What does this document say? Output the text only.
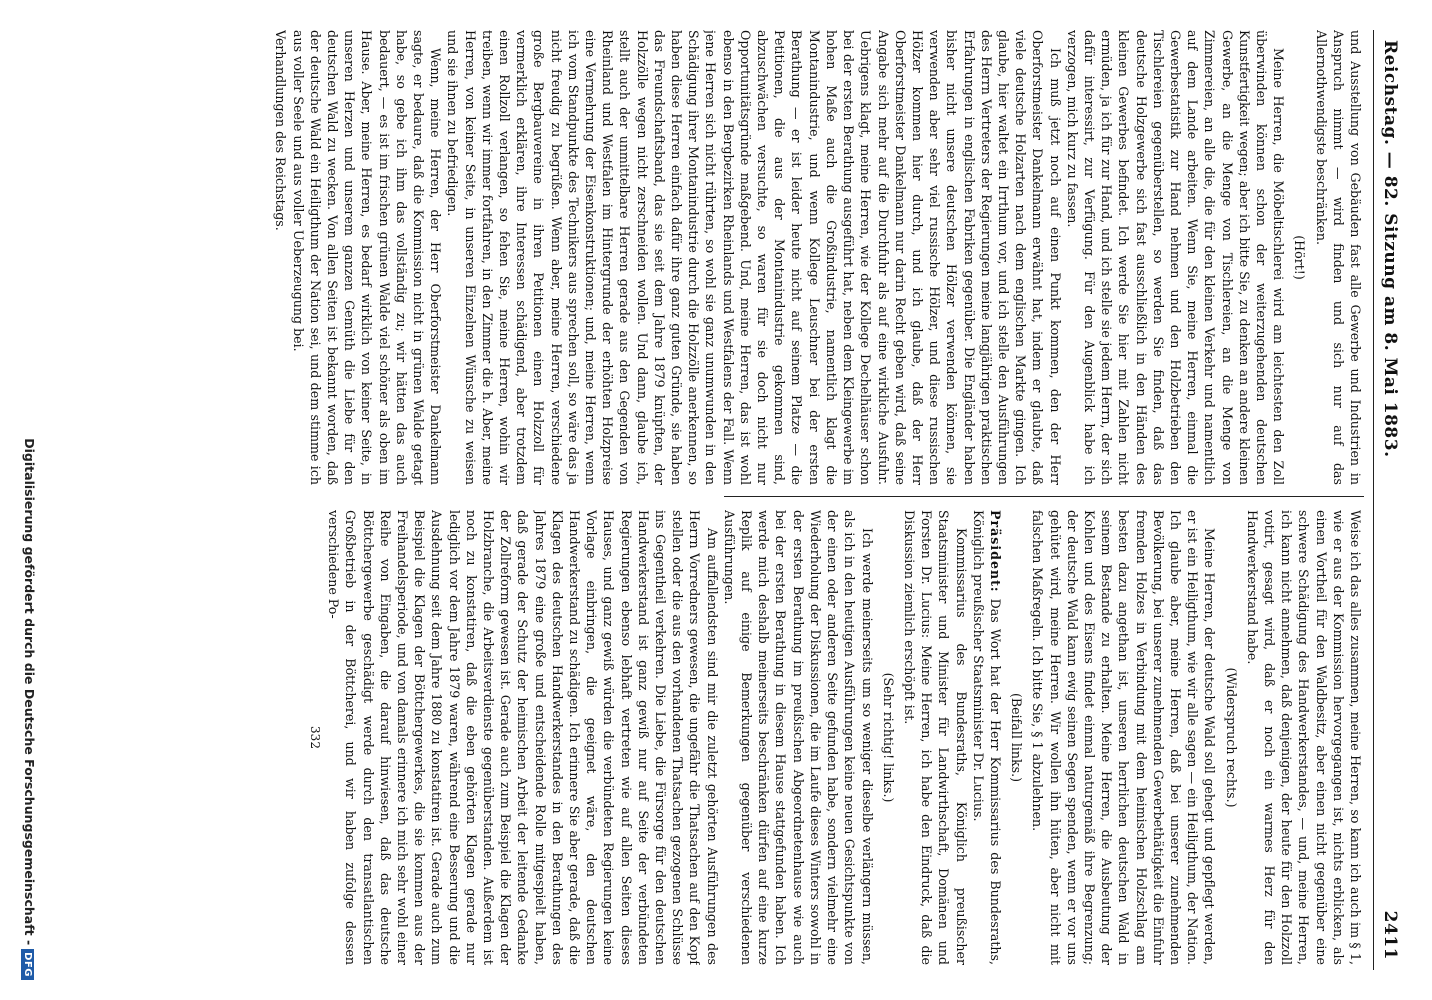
Reichstag. — 82. Sitzung am 8. Mai 1883.
2411
und Ausstellung von Gebäuden fast alle Gewerbe und Industrien in Anspruch nimmt — wird finden und sich nur auf das Allernothwendigste beschränken.
(Hört!)
Meine Herren, die Möbeltischlerei wird am leichtesten den Zoll überwinden können schon der weiterzugehenden deutschen Kunstfertigkeit wegen; aber ich bitte Sie, zu denken an andere kleinen Gewerbe, an die Menge von Tischlereien, an die Menge von Zimmereien, an alle die, die für den kleinen Verkehr und namentlich auf dem Lande arbeiten. Wenn Sie, meine Herren, einmal die Gewerbestatistik zur Hand nehmen und den Holzbetrieben den Tischlereien gegenüberstellen, so werden Sie finden, daß das deutsche Holzgewerbe sich fast ausschließlich in den Händen des kleinen Gewerbes befindet. Ich werde Sie hier mit Zahlen nicht ermüden, ja ich für zur Hand, und ich stelle sie jedem Herrn, der sich dafür interessirt, zur Verfügung. Für den Augenblick habe ich verzogen, mich kurz zu fassen.
Ich muß jetzt noch auf einen Punkt kommen, den der Herr Oberforstmeister Dankelmann erwähnt hat, indem er glaubte, daß viele deutsche Holzarten nach dem englischen Markte gingen. Ich glaube, hier waltet ein Irrthum vor, und ich stelle den Ausführungen des Herrn Vertreters der Regierungen meine langjährigen praktischen Erfahrungen in englischen Fabriken gegenüber. Die Engländer haben bisher nicht unsere deutschen Hölzer verwenden können, sie verwenden aber sehr viel russische Hölzer, und diese russischen Hölzer kommen hier durch, und ich glaube, daß der Herr Oberforstmeister Dankelmann nur darin Recht geben wird, daß seine Angabe sich mehr auf die Durchfuhr als auf eine wirkliche Ausfuhr. Uebrigens klagt, meine Herren, wie der Kollege Dechelhäuser schon bei der ersten Berathung ausgeführt hat, neben dem Kleingewerbe im hohen Maße auch die Großindustrie, namentlich klagt die Montanindustrie, und wenn Kollege Leuschner bei der ersten Berathung — er ist leider heute nicht auf seinem Platze — die Petitionen, die aus der Montanindustrie gekommen sind, abzuschwächen versuchte, so waren für sie doch nicht nur Opportunitätsgründe maßgebend. Und, meine Herren, das ist wohl ebenso in den Bergbezirken Rheinlands und Westfalens der Fall. Wenn jene Herren sich nicht rührten, so wohl sie ganz unumwunden in den Schädigung ihrer Montanindustrie durch die Holzzölle anerkennen, so haben diese Herren einfach dafür ihre ganz guten Gründe, sie haben das Freundschaftsband, das sie seit dem Jahre 1879 knüpften, der Holzzölle wegen nicht zerschneiden wollen. Und dann, glaube ich, stellt auch der unmittelbare Herren gerade aus den Gegenden von Rheinland und Westfalen im Hintergrunde der erhöhten Holzpreise eine Vermehrung der Eisenkonstruktionen; und, meine Herren, wenn ich vom Standpunkte des Technikers aus sprechen soll, so wäre das ja nicht freudig zu begrüßen. Wenn aber, meine Herren, verschiedene große Bergbauvereine in ihren Petitionen einen Holzzoll für vermerklich erklären, ihre Interessen schädigend, aber trotzdem einen Rollzoll verlangen, so fehen Sie, meine Herren, wohin wir treiben, wenn wir immer fortfahren, in den Zimmer die h. Aber, meine Herren, von keiner Seite, in unseren Einzelnen Wünsche zu weisen und sie ihnen zu befriedigen.
Wenn, meine Herren, der Herr Oberforstmeister Dankelmann sagte, er bedaure, daß die Kommission nicht in grünen Walde getagt habe, so gebe ich ihm das vollständig zu; wir hätten das auch bedauert, — es ist im frischen grünen Walde viel schöner als oben im Hause. Aber, meine Herren, es bedarf wirklich von keiner Seite, in unseren Herzen und unserem ganzen Gemüth die Liebe für den deutschen Wald zu wecken. Von allen Seiten ist bekannt worden, daß der deutsche Wald ein Heiligthum der Nation sei, und dem stimme ich aus voller Seele und aus voller Ueberzeugung bei.
Verhandlungen des Reichstags.
Weise ich das alles zusammen, meine Herren, so kann ich auch im § 1, wie er aus der Kommission hervorgegangen ist, nichts erblicken, als einen Vortheil für den Waldbesitz, aber einen nicht gegenüber eine schwere Schädigung des Handwerkerstandes, — und, meine Herren, ich kann nicht annehmen, daß denjenigen, der heute für den Holzzoll votirt, gesagt wird, daß er noch ein warmes Herz für den Handwerkerstand habe.
(Widerspruch rechts.)
Meine Herren, der deutsche Wald soll gehegt und gepflegt werden, er ist ein Heiligthum, wie wir alle sagen — ein Heiligthum, der Nation. Ich glaube aber, meine Herren, daß bei unserer zunehmenden Bevölkerung, bei unserer zunehmenden Gewerbethätigkeit die Einfuhr fremden Holzes in Verbindung mit dem heimischen Holzschlag am besten dazu angethan ist, unseren herrlichen deutschen Wald in seinem Bestande zu erhalten. Meine Herren, die Ausbeutung der Kohlen und des Eisens findet einmal naturgemäß ihre Begrenzung; der deutsche Wald kann ewig seinen Segen spenden, wenn er vor uns gehütet wird, meine Herren. Wir wollen ihn hüten, aber nicht mit falschen Maßregeln. Ich bitte Sie, § 1 abzulehnen.
(Beifall links.)
Präsident: Das Wort hat der Herr Kommissarius des Bundesraths, Königlich preußischer Staatsminister Dr. Lucius.
Kommissarius des Bundesraths, Königlich preußischer Staatsminister und Minister für Landwirthschaft, Domänen und Forsten Dr. Lucius: Meine Herren, ich habe den Eindruck, daß die Diskussion ziemlich erschöpft ist.
(Sehr richtig! links.)
Ich werde meinerseits um so weniger dieselbe verlängern müssen, als ich in den heutigen Ausführungen keine neuen Gesichtspunkte von der einen oder anderen Seite gefunden habe, sondern vielmehr eine Wiederholung der Diskussionen, die im Laufe dieses Winters sowohl in der ersten Berathung im preußischen Abgeordnetenhause wie auch bei der ersten Berathung in diesem Hause stattgefunden haben. Ich werde mich deshalb meinerseits beschränken dürfen auf eine kurze Replik auf einige Bemerkungen gegenüber verschiedenen Ausführungen.
Am auffallendsten sind mir die zuletzt gehörten Ausführungen des Herrn Vorredners gewesen, die ungefähr die Thatsachen auf den Kopf stellen oder die aus den vorhandenen Thatsachen gezogenen Schlüsse ins Gegentheil verkehren. Die Liebe, die Fürsorge für den deutschen Handwerkerstand ist ganz gewiß nur auf Seite der verbündeten Regierungen ebenso lebhaft vertreten wie auf allen Seiten dieses Hauses, und ganz gewiß würden die verbündeten Regierungen keine Vorlage einbringen, die geeignet wäre, den deutschen Handwerkerstand zu schädigen. Ich erinnere Sie aber gerade, daß die Klagen des deutschen Handwerkerstandes in den Berathungen des Jahres 1879 eine große und entscheidende Rolle mitgespielt haben, daß gerade der Schutz der heimischen Arbeit der leitende Gedanke der Zollreform gewesen ist. Gerade auch zum Beispiel die Klagen der Holzbranche, die Arbeitsverdienste gegenüberstanden. Außerdem ist noch zu konstatiren, daß die eben gehörten Klagen gerade nur lediglich vor dem Jahre 1879 waren, während eine Besserung und die Ausdehnung seit dem Jahre 1880 zu konstatiren ist. Gerade auch zum Beispiel die Klagen der Böttchergewerkes, die sie kommen aus der Freihandelsperiode, und von damals erinnere ich mich sehr wohl einer Reihe von Eingaben, die darauf hinwiesen, daß das deutsche Böttchergewerbe geschädigt werde durch den transatlantischen Großbetrieb in der Böttcherei, und wir haben zufolge dessen verschiedene Po-
332
Digitalisierung gefördert durch die Deutsche Forschungsgemeinschaft -DFG
